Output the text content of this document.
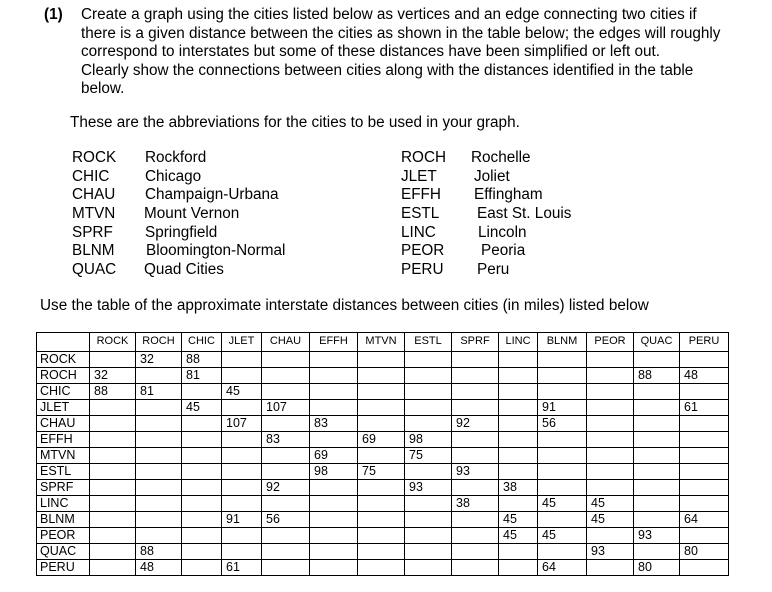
(1) Create a graph using the cities listed below as vertices and an edge connecting two cities if
there is a given distance between the cities as shown in the table below; the edges will roughly
correspond to interstates but some of these distances have been simplified or left out.
Clearly show the connections between cities along with the distances identified in the table
below.
These are the abbreviations for the cities to be used in your graph.
ROCK Rockford
CHIC Chicago
CHAU Champaign-Urbana
MTVN Mount Vernon
SPRF Springfield
BLNM Bloomington-Normal
QUAC Quad Cities
ROCH Rochelle
JLET Joliet
EFFH Effingham
ESTL East St. Louis
LINC	Lincoln
PEOR Peoria
PERU Peru
Use the table of the approximate interstate distances between cities (in miles) listed below
	ROCK	ROCH	CHIC	JLET	CHAU	EFFH	MTVN	ESTL	SPRF	LINC	BLNM	PEOR	QUAC	PERU
ROCK		32	88											
ROCH	32		81										88	48
CHIC	88	81		45										
JLET			45		107						91			61
CHAU				107		83			92		56			
EFFH					83		69	98						
MTVN						69		75						
ESTL						98	75		93					
SPRF					92			93		38				
LINC									38		45	45		
BLNM				91	56					45		45		64
PEOR										45	45		93	
QUAC		88										93		80
PERU		48		61							64		80	
